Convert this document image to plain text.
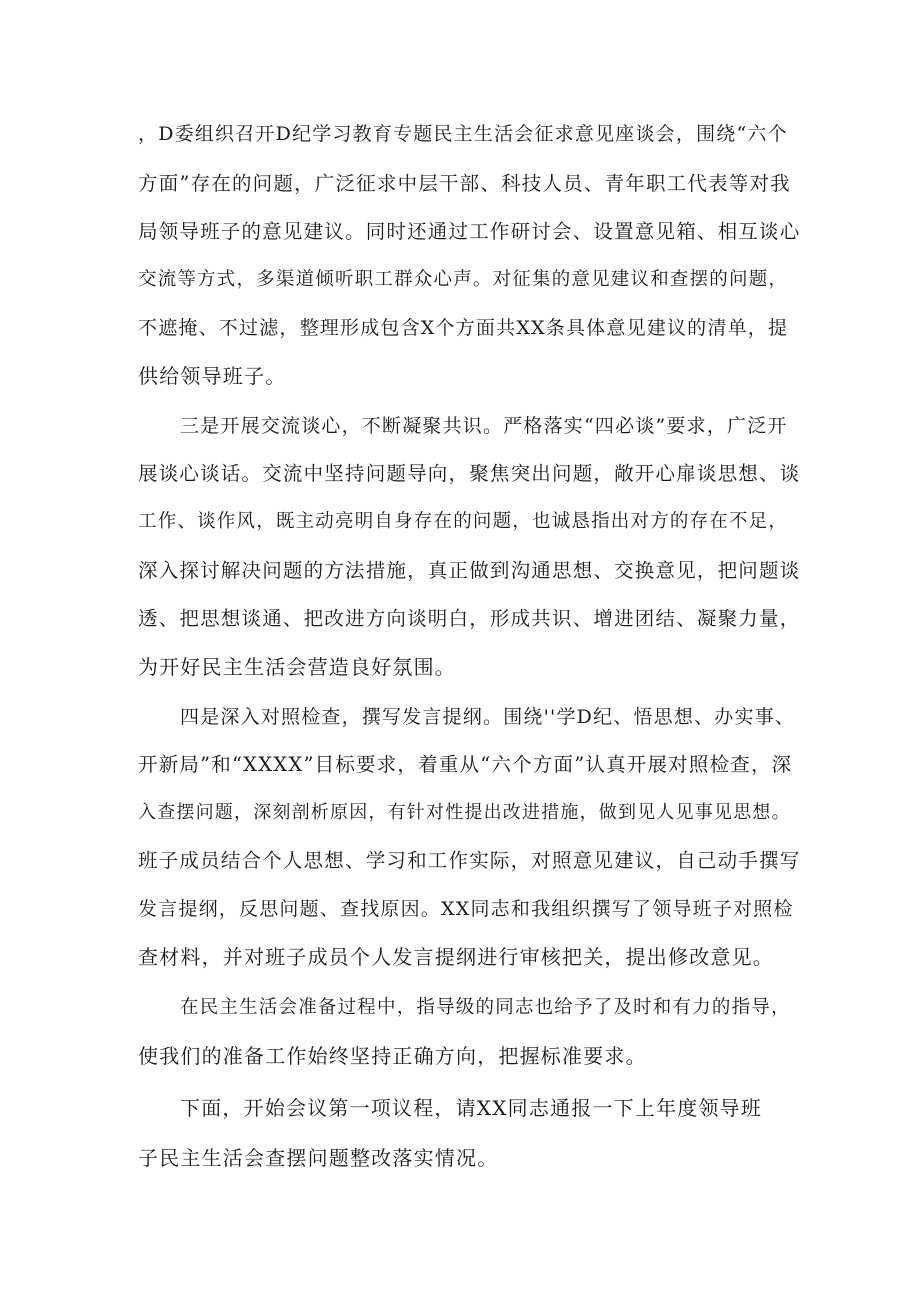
，D委组织召开D纪学习教育专题民主生活会征求意见座谈会，围绕“六个
方面”存在的问题，广泛征求中层干部、科技人员、青年职工代表等对我
局领导班子的意见建议。同时还通过工作研讨会、设置意见箱、相互谈心
交流等方式，多渠道倾听职工群众心声。对征集的意见建议和查摆的问题，
不遮掩、不过滤，整理形成包含X个方面共XX条具体意见建议的清单，提
供给领导班子。
三是开展交流谈心，不断凝聚共识。严格落实“四必谈”要求，广泛开
展谈心谈话。交流中坚持问题导向，聚焦突出问题，敞开心扉谈思想、谈
工作、谈作风，既主动亮明自身存在的问题，也诚恳指出对方的存在不足，
深入探讨解决问题的方法措施，真正做到沟通思想、交换意见，把问题谈
透、把思想谈通、把改进方向谈明白，形成共识、增进团结、凝聚力量，
为开好民主生活会营造良好氛围。
四是深入对照检查，撰写发言提纲。围绕''学D纪、悟思想、办实事、
开新局”和“XXXX”目标要求，着重从“六个方面”认真开展对照检查，深
入查摆问题，深刻剖析原因，有针对性提出改进措施，做到见人见事见思想。
班子成员结合个人思想、学习和工作实际，对照意见建议，自己动手撰写
发言提纲，反思问题、查找原因。XX同志和我组织撰写了领导班子对照检
查材料，并对班子成员个人发言提纲进行审核把关，提出修改意见。
在民主生活会准备过程中，指导级的同志也给予了及时和有力的指导，
使我们的准备工作始终坚持正确方向，把握标准要求。
下面，开始会议第一项议程，请XX同志通报一下上年度领导班
子民主生活会查摆问题整改落实情况。
